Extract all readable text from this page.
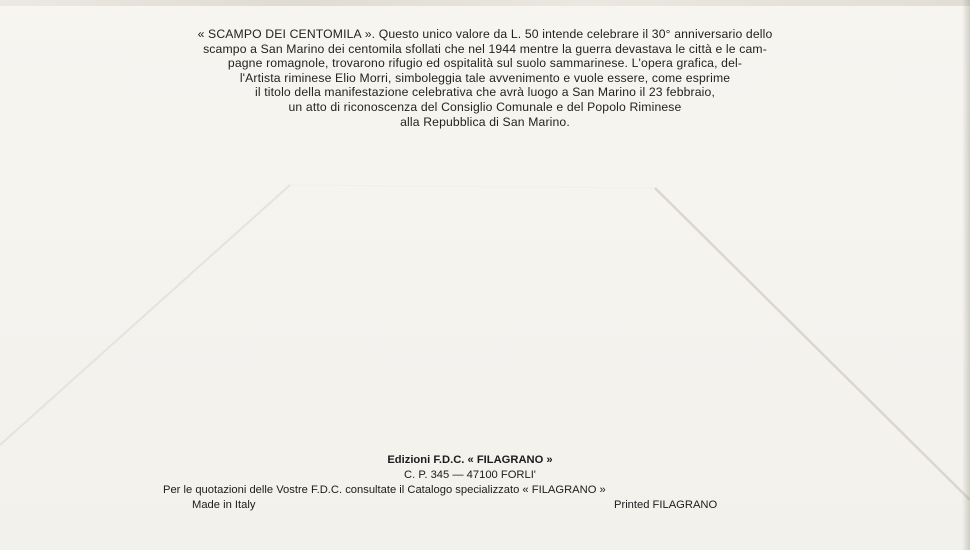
« SCAMPO DEI CENTOMILA ». Questo unico valore da L. 50 intende celebrare il 30° anniversario dello
scampo a San Marino dei centomila sfollati che nel 1944 mentre la guerra devastava le città e le cam-
pagne romagnole, trovarono rifugio ed ospitalità sul suolo sammarinese. L'opera grafica, del-
l'Artista riminese Elio Morri, simboleggia tale avvenimento e vuole essere, come esprime
il titolo della manifestazione celebrativa che avrà luogo a San Marino il 23 febbraio,
un atto di riconoscenza del Consiglio Comunale e del Popolo Riminese
alla Repubblica di San Marino.
Edizioni F.D.C. « FILAGRANO »
C. P. 345 — 47100 FORLI'
Per le quotazioni delle Vostre F.D.C. consultate il Catalogo specializzato « FILAGRANO »
Made in Italy	Printed FILAGRANO
